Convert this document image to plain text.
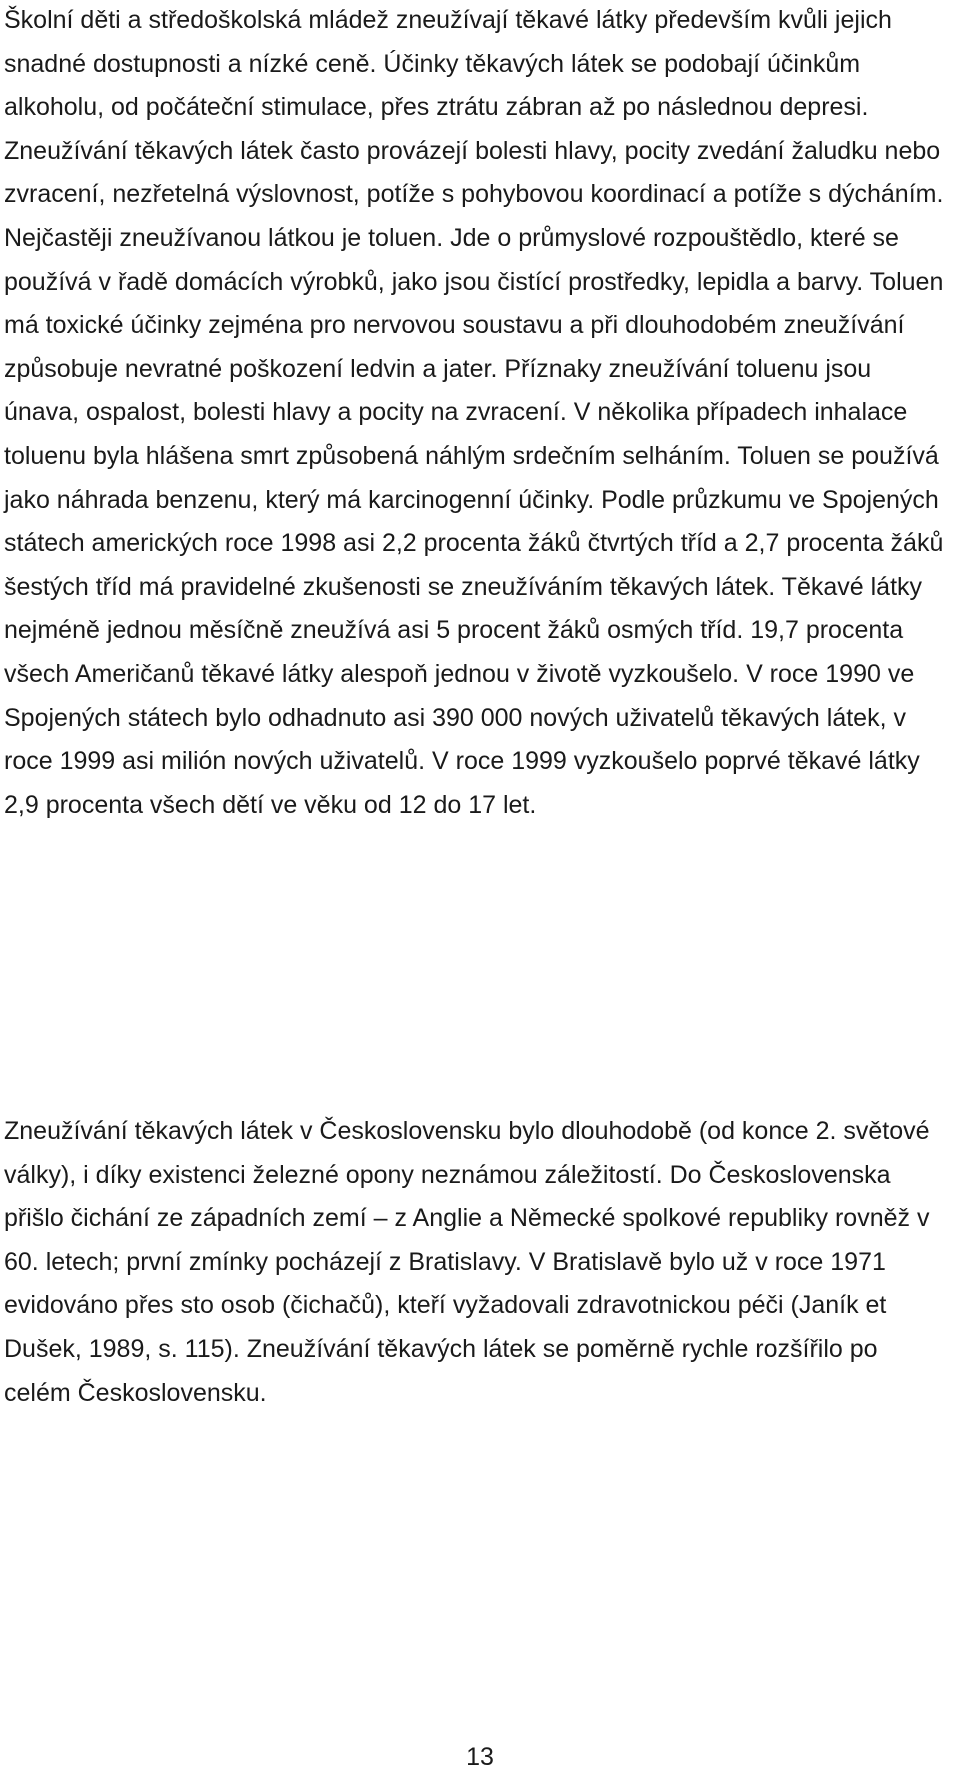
Školní děti a středoškolská mládež zneužívají těkavé látky především kvůli jejich snadné dostupnosti a nízké ceně. Účinky těkavých látek se podobají účinkům alkoholu, od počáteční stimulace, přes ztrátu zábran až po následnou depresi. Zneužívání těkavých látek často provázejí bolesti hlavy, pocity zvedání žaludku nebo zvracení, nezřetelná výslovnost, potíže s pohybovou koordinací a potíže s dýcháním. Nejčastěji zneužívanou látkou je toluen. Jde o průmyslové rozpouštědlo, které se používá v řadě domácích výrobků, jako jsou čistící prostředky, lepidla a barvy. Toluen má toxické účinky zejména pro nervovou soustavu a při dlouhodobém zneužívání způsobuje nevratné poškození ledvin a jater. Příznaky zneužívání toluenu jsou únava, ospalost, bolesti hlavy a pocity na zvracení. V několika případech inhalace toluenu byla hlášena smrt způsobená náhlým srdečním selháním. Toluen se používá jako náhrada benzenu, který má karcinogenní účinky. Podle průzkumu ve Spojených státech amerických roce 1998 asi 2,2 procenta žáků čtvrtých tříd a 2,7 procenta žáků šestých tříd má pravidelné zkušenosti se zneužíváním těkavých látek. Těkavé látky nejméně jednou měsíčně zneužívá asi 5 procent žáků osmých tříd. 19,7 procenta všech Američanů těkavé látky alespoň jednou v životě vyzkoušelo. V roce 1990 ve Spojených státech bylo odhadnuto asi 390 000 nových uživatelů těkavých látek, v roce 1999 asi milión nových uživatelů. V roce 1999 vyzkoušelo poprvé těkavé látky 2,9 procenta všech dětí ve věku od 12 do 17 let.

Zneužívání těkavých látek v Československu bylo dlouhodobě (od konce 2. světové války), i díky existenci železné opony neznámou záležitostí. Do Československa přišlo čichání ze západních zemí – z Anglie a Německé spolkové republiky rovněž v 60. letech; první zmínky pocházejí z Bratislavy. V Bratislavě bylo už v roce 1971 evidováno přes sto osob (čichačů), kteří vyžadovali zdravotnickou péči (Janík et Dušek, 1989, s. 115). Zneužívání těkavých látek se poměrně rychle rozšířilo po celém Československu.

13
